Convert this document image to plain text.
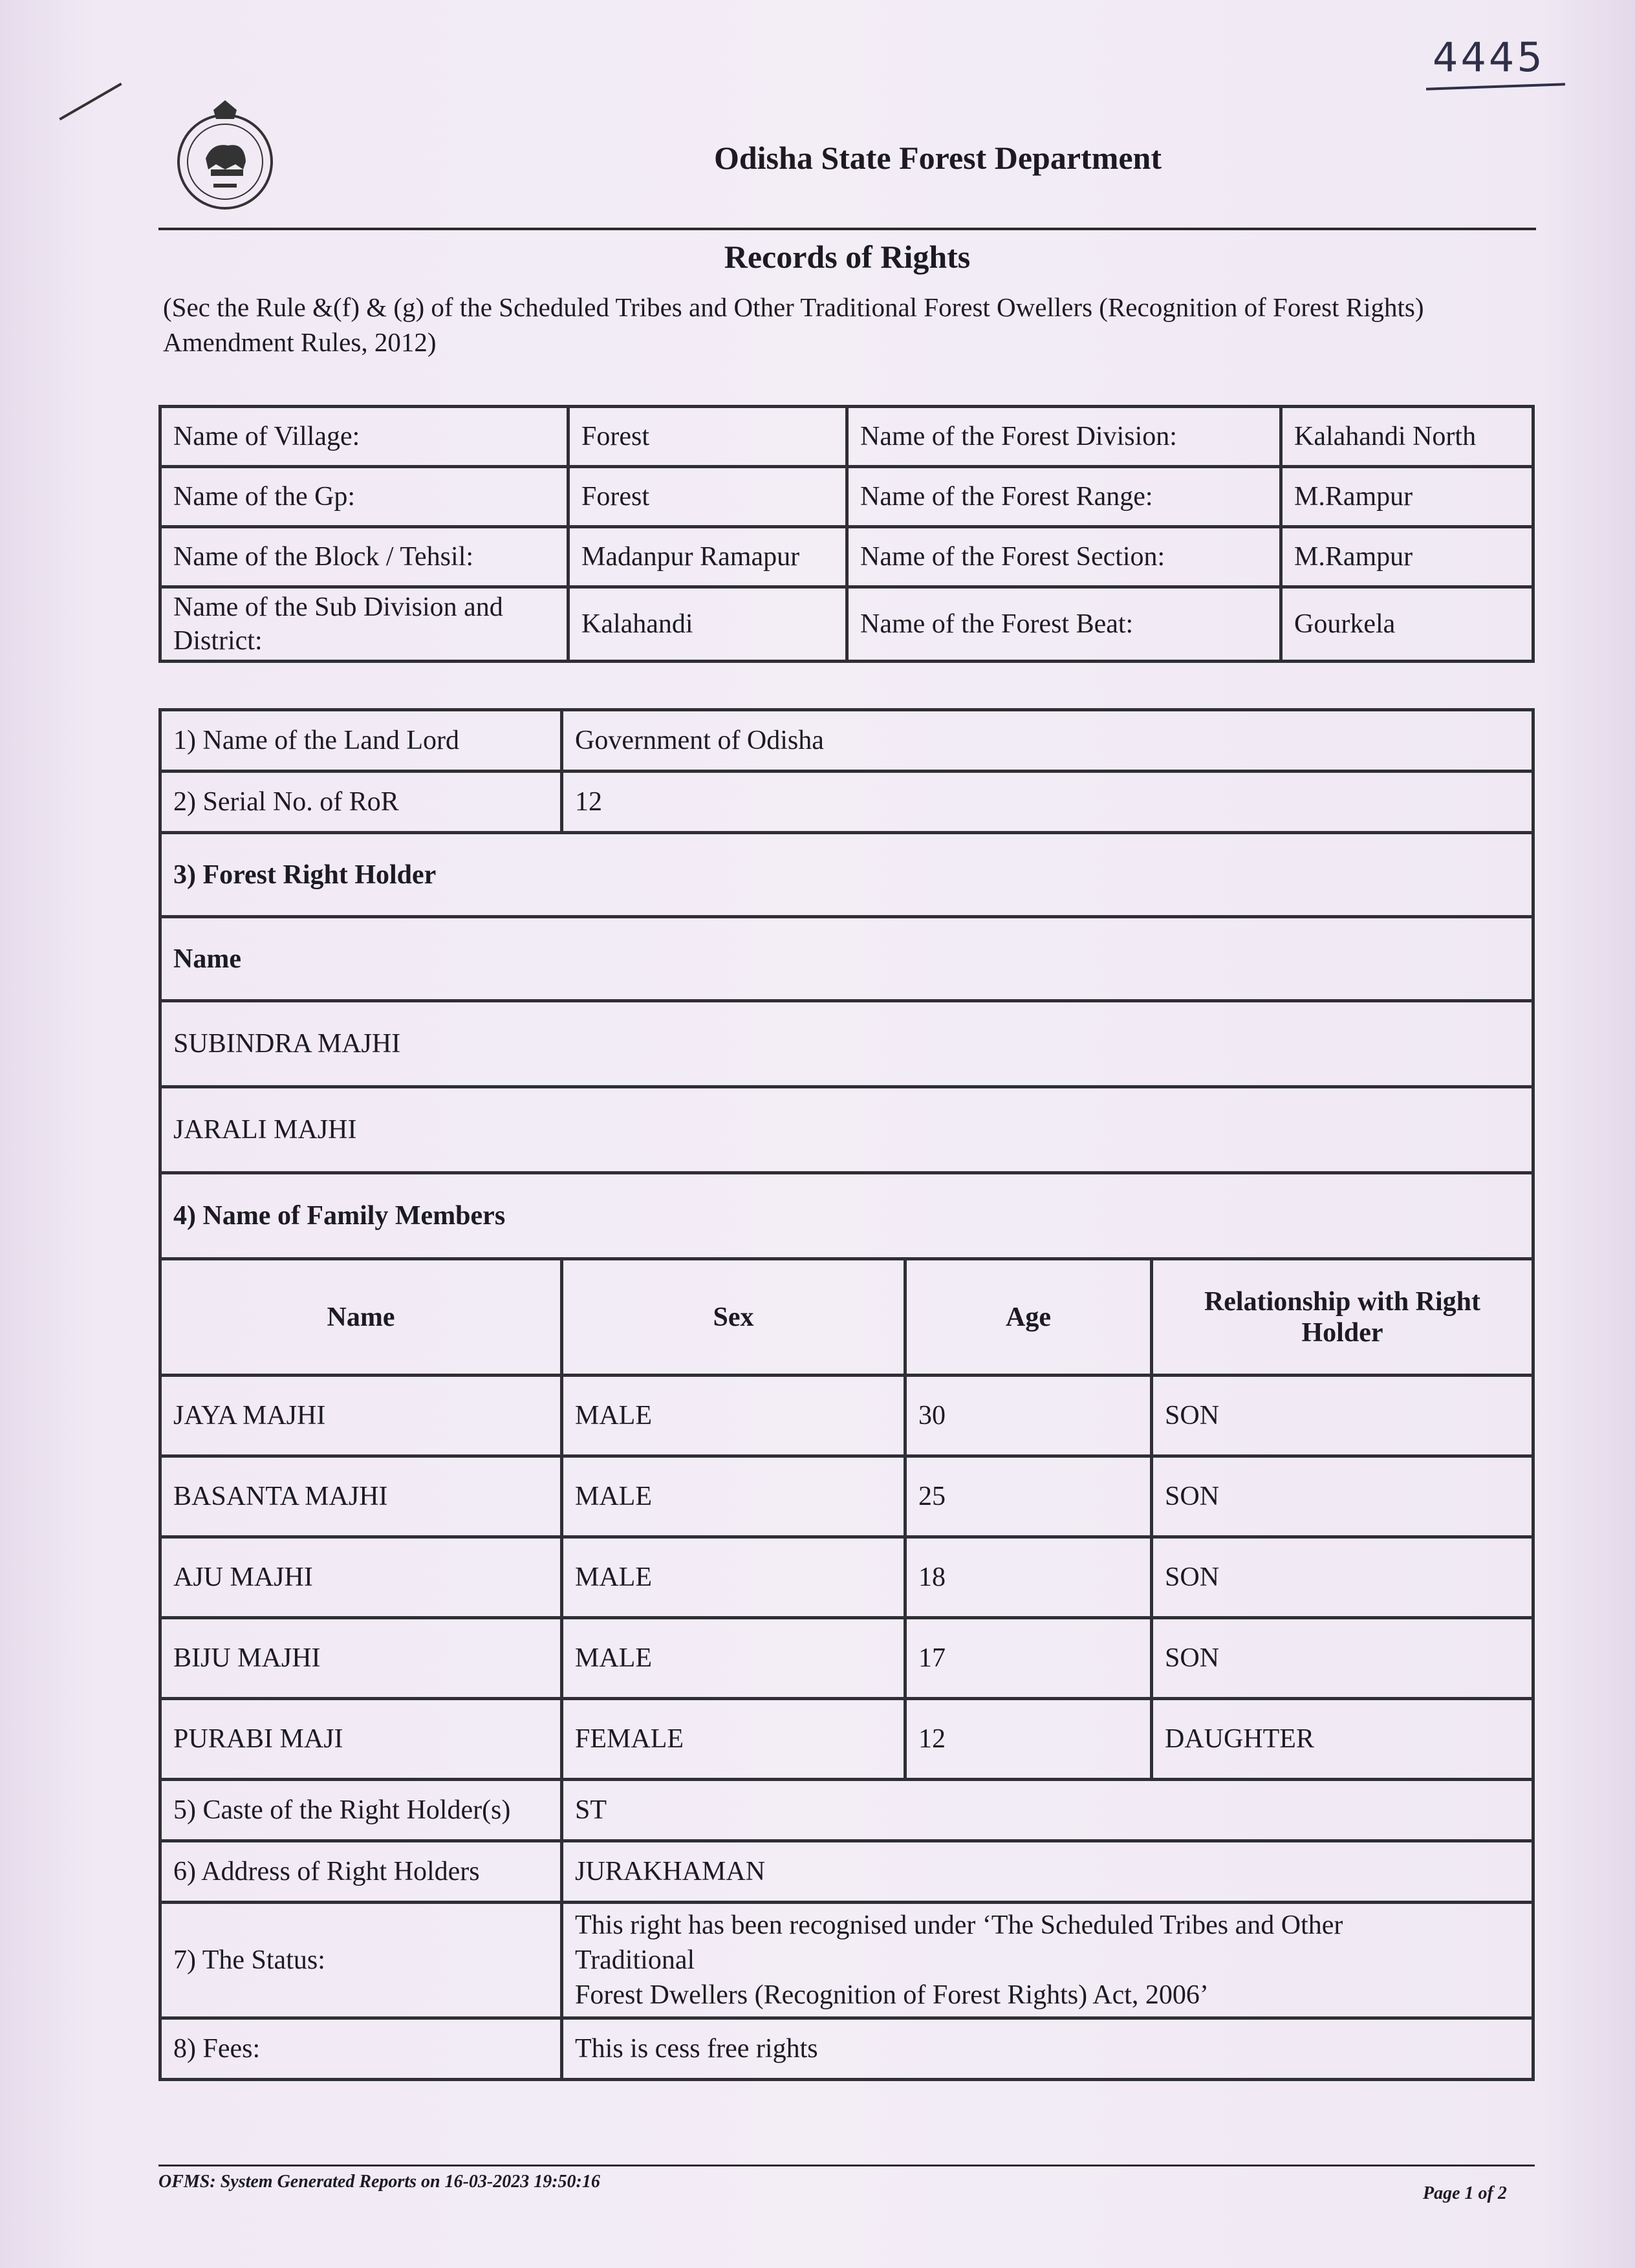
4445
Odisha State Forest Department
Records of Rights
(Sec the Rule &(f) & (g) of the Scheduled Tribes and Other Traditional Forest Owellers (Recognition of Forest Rights) Amendment Rules, 2012)
Name of Village:	Forest	Name of the Forest Division:	Kalahandi North
Name of the Gp:	Forest	Name of the Forest Range:	M.Rampur
Name of the Block / Tehsil:	Madanpur Ramapur	Name of the Forest Section:	M.Rampur
Name of the Sub Division and District:	Kalahandi	Name of the Forest Beat:	Gourkela
1) Name of the Land Lord	Government of Odisha		
2) Serial No. of RoR	12		
3) Forest Right Holder			
Name			
SUBINDRA MAJHI			
JARALI MAJHI			
4) Name of Family Members			
Name	Sex	Age	Relationship with Right Holder
JAYA MAJHI	MALE	30	SON
BASANTA MAJHI	MALE	25	SON
AJU MAJHI	MALE	18	SON
BIJU MAJHI	MALE	17	SON
PURABI MAJI	FEMALE	12	DAUGHTER
5) Caste of the Right Holder(s)	ST		
6) Address of Right Holders	JURAKHAMAN		
7) The Status:	This right has been recognised under ‘The Scheduled Tribes and Other
Traditional
Forest Dwellers (Recognition of Forest Rights) Act, 2006’		

8) Fees:	This is cess free rights		
OFMS: System Generated Reports on 16-03-2023 19:50:16
Page 1 of 2
